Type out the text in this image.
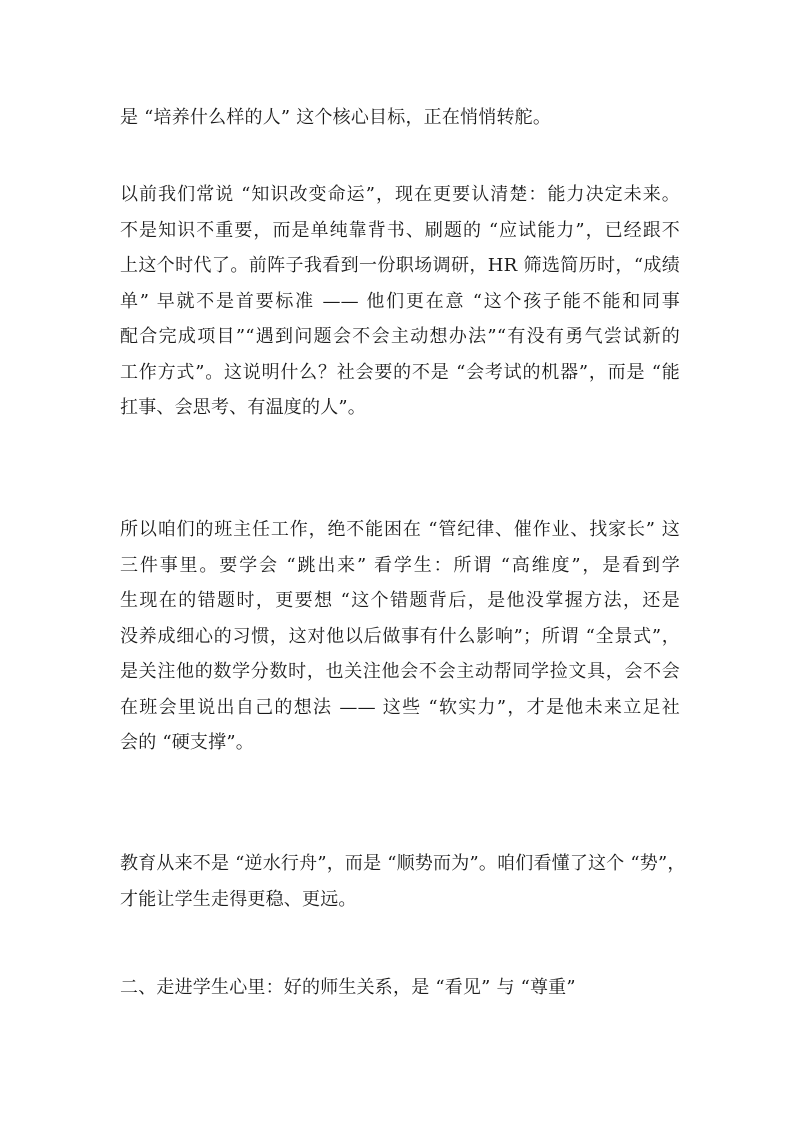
是 “培养什么样的人” 这个核心目标，正在悄悄转舵。

以前我们常说 “知识改变命运”，现在更要认清楚：能力决定未来。
不是知识不重要，而是单纯靠背书、刷题的 “应试能力”，已经跟不
上这个时代了。前阵子我看到一份职场调研，HR 筛选简历时，“成绩
单” 早就不是首要标准 —— 他们更在意 “这个孩子能不能和同事
配合完成项目”“遇到问题会不会主动想办法”“有没有勇气尝试新的
工作方式”。这说明什么？社会要的不是 “会考试的机器”，而是 “能
扛事、会思考、有温度的人”。

所以咱们的班主任工作，绝不能困在 “管纪律、催作业、找家长” 这
三件事里。要学会 “跳出来” 看学生：所谓 “高维度”，是看到学
生现在的错题时，更要想 “这个错题背后，是他没掌握方法，还是
没养成细心的习惯，这对他以后做事有什么影响”；所谓 “全景式”，
是关注他的数学分数时，也关注他会不会主动帮同学捡文具，会不会
在班会里说出自己的想法 —— 这些 “软实力”，才是他未来立足社
会的 “硬支撑”。

教育从来不是 “逆水行舟”，而是 “顺势而为”。咱们看懂了这个 “势”，
才能让学生走得更稳、更远。

二、走进学生心里：好的师生关系，是 “看见” 与 “尊重”
